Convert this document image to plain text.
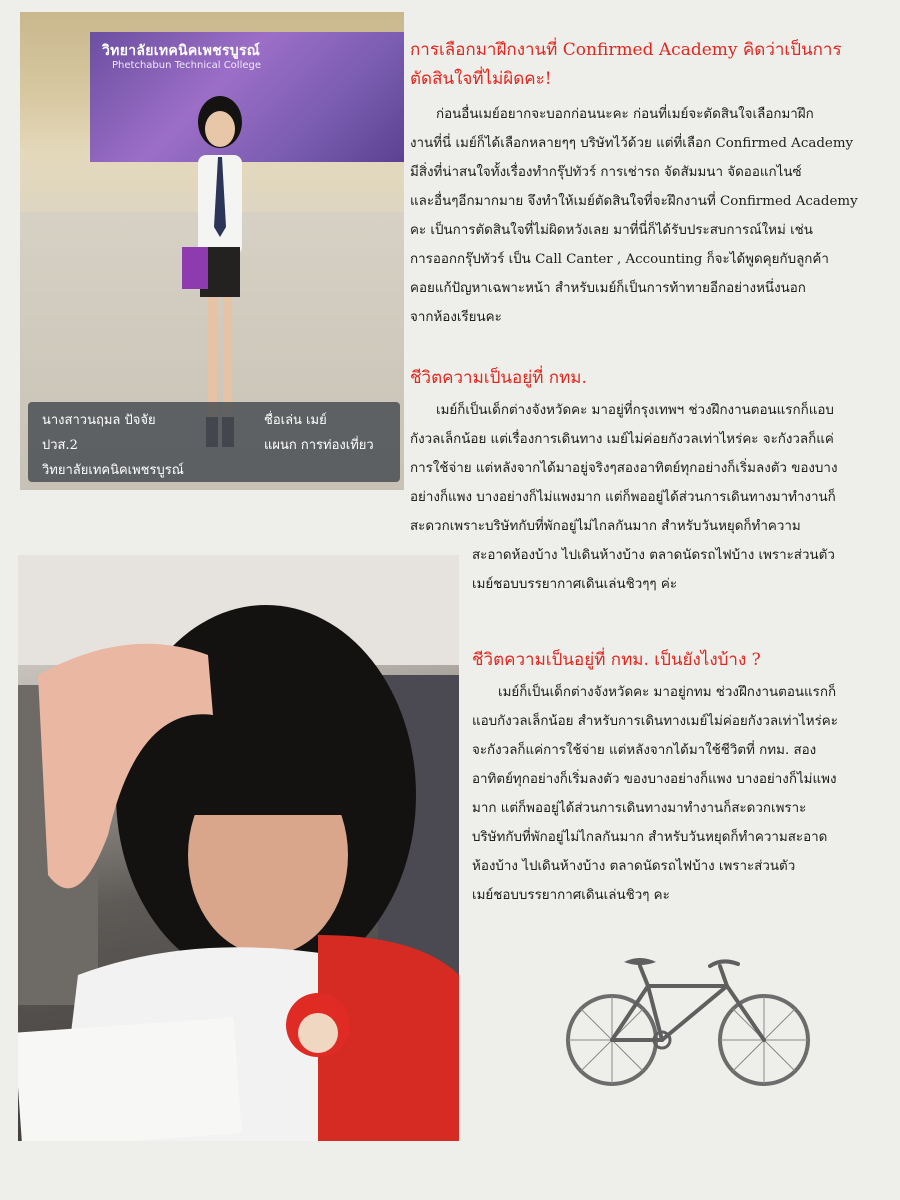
วิทยาลัยเทคนิคเพชรบูรณ์
Phetchabun Technical College
นางสาวนฤมล ปัจจัย
ปวส.2
วิทยาลัยเทคนิคเพชรบูรณ์
ชื่อเล่น เมย์
แผนก การท่องเที่ยว
การเลือกมาฝึกงานที่ Confirmed Academy คิดว่าเป็นการ
ตัดสินใจที่ไม่ผิดคะ!

ก่อนอื่นเมย์อยากจะบอกก่อนนะคะ ก่อนที่เมย์จะตัดสินใจเลือกมาฝึก

งานที่นี่ เมย์ก็ได้เลือกหลายๆๆ บริษัทไว้ด้วย แต่ที่เลือก Confirmed Academy

มีสิ่งที่น่าสนใจทั้งเรื่องทำกรุ๊ปทัวร์ การเช่ารถ จัดสัมมนา จัดออแกไนซ์

และอื่นๆอีกมากมาย จึงทำให้เมย์ตัดสินใจที่จะฝึกงานที่ Confirmed Academy

คะ เป็นการตัดสินใจที่ไม่ผิดหวังเลย มาที่นี่ก็ได้รับประสบการณ์ใหม่ เช่น

การออกกรุ๊ปทัวร์ เป็น Call Canter , Accounting ก็จะได้พูดคุยกับลูกค้า

คอยแก้ปัญหาเฉพาะหน้า สำหรับเมย์ก็เป็นการท้าทายอีกอย่างหนึ่งนอก

จากห้องเรียนคะ

ชีวิตความเป็นอยู่ที่ กทม.

เมย์ก็เป็นเด็กต่างจังหวัดคะ มาอยู่ที่กรุงเทพฯ ช่วงฝึกงานตอนแรกก็แอบ

กังวลเล็กน้อย แต่เรื่องการเดินทาง เมย์ไม่ค่อยกังวลเท่าไหร่คะ จะกังวลก็แค่

การใช้จ่าย แต่หลังจากได้มาอยู่จริงๆสองอาทิตย์ทุกอย่างก็เริ่มลงตัว ของบาง

อย่างก็แพง บางอย่างก็ไม่แพงมาก แต่ก็พออยู่ได้ส่วนการเดินทางมาทำงานก็

สะดวกเพราะบริษัทกับที่พักอยู่ไม่ไกลกันมาก สำหรับวันหยุดก็ทำความ

สะอาดห้องบ้าง ไปเดินห้างบ้าง ตลาดนัดรถไฟบ้าง เพราะส่วนตัว

เมย์ชอบบรรยากาศเดินเล่นชิวๆๆ ค่ะ

ชีวิตความเป็นอยู่ที่ กทม. เป็นยังไงบ้าง ?

เมย์ก็เป็นเด็กต่างจังหวัดคะ มาอยู่กทม ช่วงฝึกงานตอนแรกก็

แอบกังวลเล็กน้อย สำหรับการเดินทางเมย์ไม่ค่อยกังวลเท่าไหร่คะ

จะกังวลก็แค่การใช้จ่าย แต่หลังจากได้มาใช้ชีวิตที่ กทม. สอง

อาทิตย์ทุกอย่างก็เริ่มลงตัว ของบางอย่างก็แพง บางอย่างก็ไม่แพง

มาก แต่ก็พออยู่ได้ส่วนการเดินทางมาทำงานก็สะดวกเพราะ

บริษัทกับที่พักอยู่ไม่ไกลกันมาก สำหรับวันหยุดก็ทำความสะอาด

ห้องบ้าง ไปเดินห้างบ้าง ตลาดนัดรถไฟบ้าง เพราะส่วนตัว

เมย์ชอบบรรยากาศเดินเล่นชิวๆ คะ
